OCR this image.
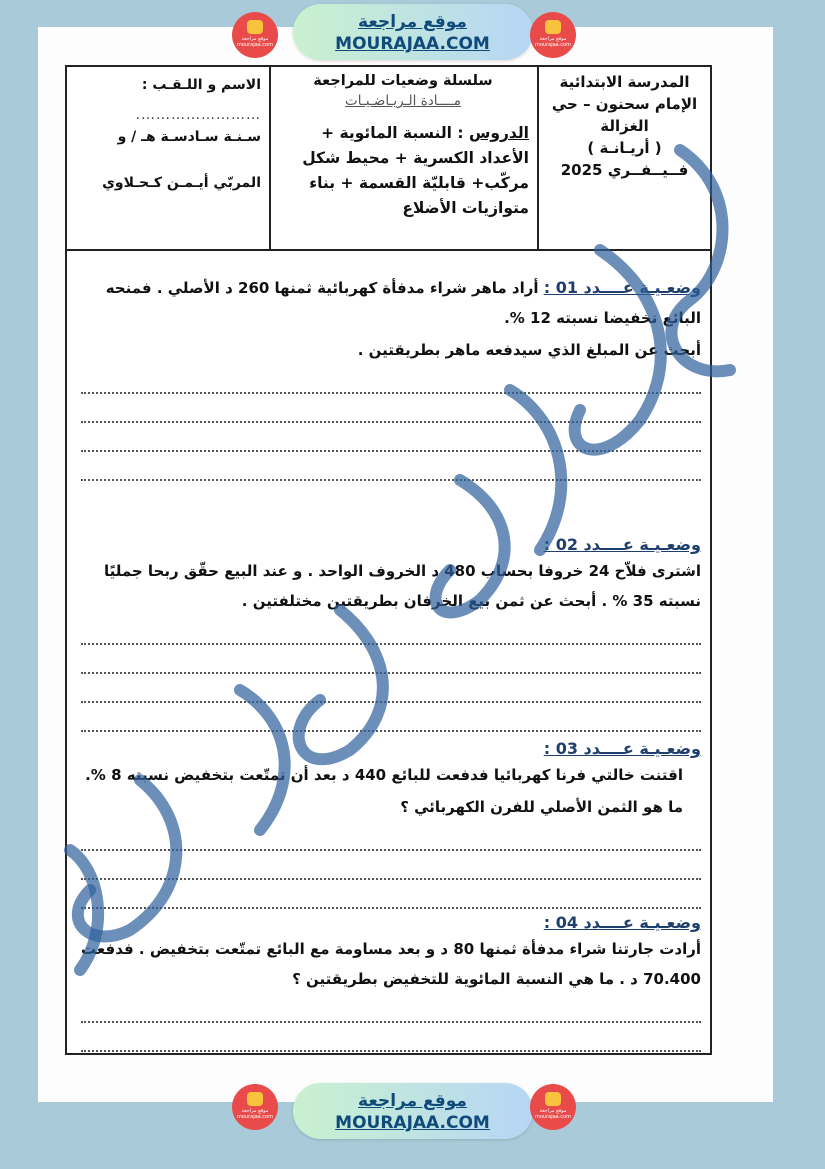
موقع مراجعة mourajaa.com
موقع مراجعة
MOURAJAA.COM	موقع مراجعة mourajaa.com
الاسم و اللـقـب :
…………………….
سـنـة سـادسـة هـ / و
المربّي أيـمـن كـحـلاوي
سلسلة وضعيات للمراجعة
مــــادة الـريـاضـيـات
الدروس : النسبة المائوية + الأعداد الكسرية + محيط شكل مركّب+ قابليّة القسمة + بناء متوازيات الأضلاع
المدرسة الابتدائية
الإمام سحنون – حي
الغزالة
( أريـانـة )
فــيــفــري 2025
وضعـيـة عــــدد 01 : أراد ماهر شراء مدفأة كهربائية ثمنها 260 د الأصلي . فمنحه البائع تخفيضا نسبته 12 %.
أبحث عن المبلغ الذي سيدفعه ماهر بطريقتين .
وضعـيـة عــــدد 02 :
اشترى فلاّح 24 خروفا بحساب 480 د الخروف الواحد . و عند البيع حقّق ربحا جمليًا نسبته 35 % . أبحث عن ثمن بيع الخرفان بطريقتين مختلفتين .
وضعـيـة عــــدد 03 :
اقتنت خالتي فرنا كهربائيا فدفعت للبائع 440 د بعد أن تمتّعت بتخفيض نسبته 8 %.
ما هو الثمن الأصلي للفرن الكهربائي ؟
وضعـيـة عــــدد 04 :
أرادت جارتنا شراء مدفأة ثمنها 80 د و بعد مساومة مع البائع تمتّعت بتخفيض . فدفعت 70.400 د . ما هي النسبة المائوية للتخفيض بطريقتين ؟
موقع مراجعة mourajaa.com
موقع مراجعة
MOURAJAA.COM
موقع مراجعة mourajaa.com
